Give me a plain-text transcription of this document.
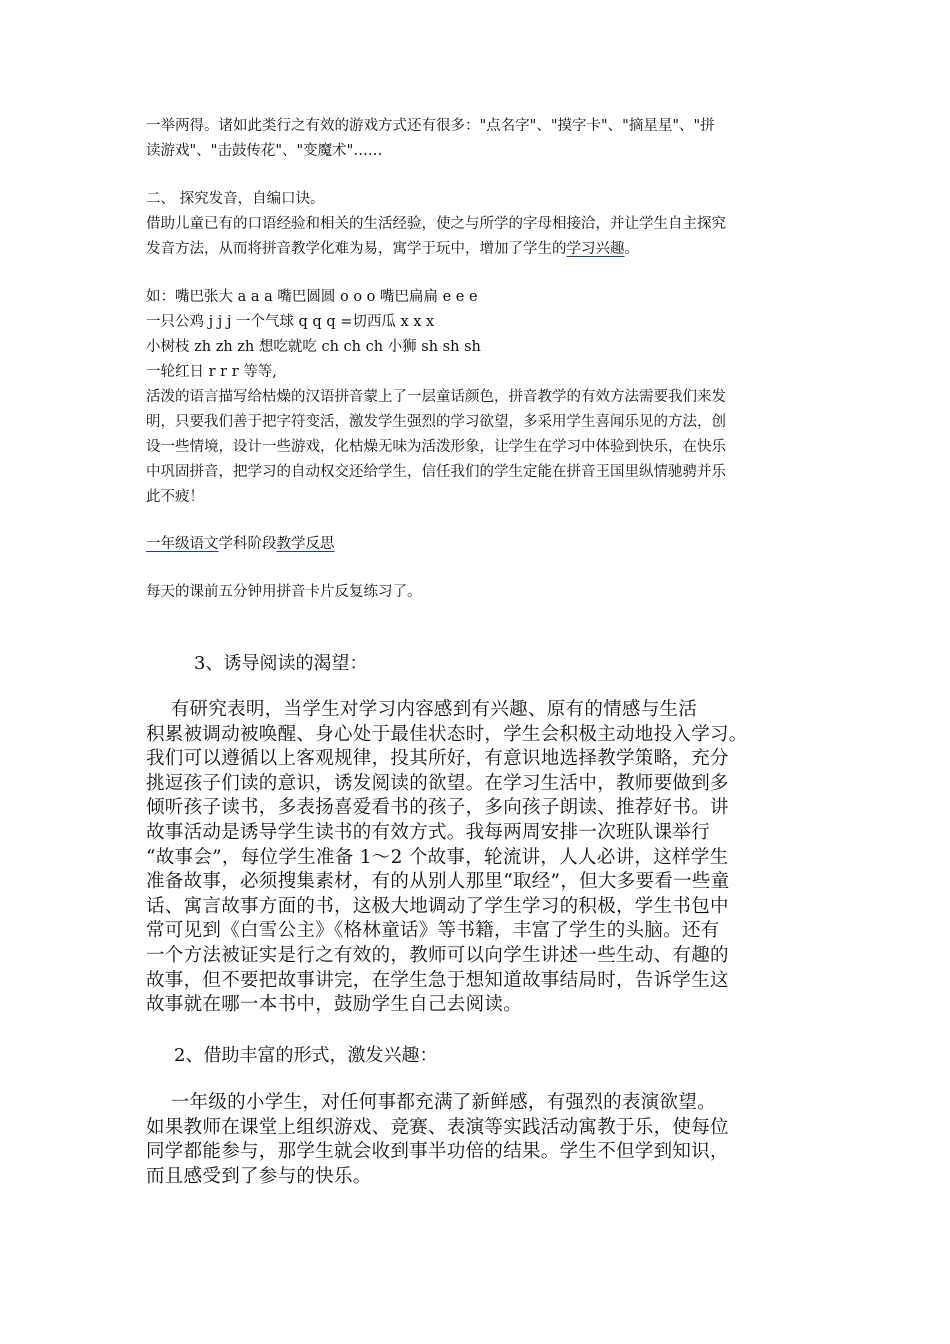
一举两得。诸如此类行之有效的游戏方式还有很多："点名字"、"摸字卡"、"摘星星"、"拼
读游戏"、"击鼓传花"、"变魔术"……
二、 探究发音，自编口诀。
借助儿童已有的口语经验和相关的生活经验，使之与所学的字母相接洽，并让学生自主探究
发音方法，从而将拼音教学化难为易，寓学于玩中，增加了学生的学习兴趣。
如：嘴巴张大 a a a 嘴巴圆圆 o o o 嘴巴扁扁 e e e
一只公鸡 j j j 一个气球 q q q =切西瓜 x x x
小树枝 zh zh zh 想吃就吃 ch ch ch 小狮 sh sh sh
一轮红日 r r r 等等,
活泼的语言描写给枯燥的汉语拼音蒙上了一层童话颜色，拼音教学的有效方法需要我们来发
明，只要我们善于把字符变活，激发学生强烈的学习欲望，多采用学生喜闻乐见的方法，创
设一些情境，设计一些游戏，化枯燥无味为活泼形象，让学生在学习中体验到快乐，在快乐
中巩固拼音，把学习的自动权交还给学生，信任我们的学生定能在拼音王国里纵情驰骋并乐
此不疲！
一年级语文学科阶段教学反思
每天的课前五分钟用拼音卡片反复练习了。
3、诱导阅读的渴望：
有研究表明，当学生对学习内容感到有兴趣、原有的情感与生活
积累被调动被唤醒、身心处于最佳状态时，学生会积极主动地投入学习。
我们可以遵循以上客观规律，投其所好，有意识地选择教学策略，充分
挑逗孩子们读的意识，诱发阅读的欲望。在学习生活中，教师要做到多
倾听孩子读书，多表扬喜爱看书的孩子，多向孩子朗读、推荐好书。讲
故事活动是诱导学生读书的有效方式。我每两周安排一次班队课举行
“故事会”，每位学生准备 1～2 个故事，轮流讲，人人必讲，这样学生
准备故事，必须搜集素材，有的从别人那里“取经”，但大多要看一些童
话、寓言故事方面的书，这极大地调动了学生学习的积极，学生书包中
常可见到《白雪公主》《格林童话》等书籍，丰富了学生的头脑。还有
一个方法被证实是行之有效的，教师可以向学生讲述一些生动、有趣的
故事，但不要把故事讲完，在学生急于想知道故事结局时，告诉学生这
故事就在哪一本书中，鼓励学生自己去阅读。
2、借助丰富的形式，激发兴趣：
一年级的小学生，对任何事都充满了新鲜感，有强烈的表演欲望。
如果教师在课堂上组织游戏、竞赛、表演等实践活动寓教于乐，使每位
同学都能参与，那学生就会收到事半功倍的结果。学生不但学到知识，
而且感受到了参与的快乐。
